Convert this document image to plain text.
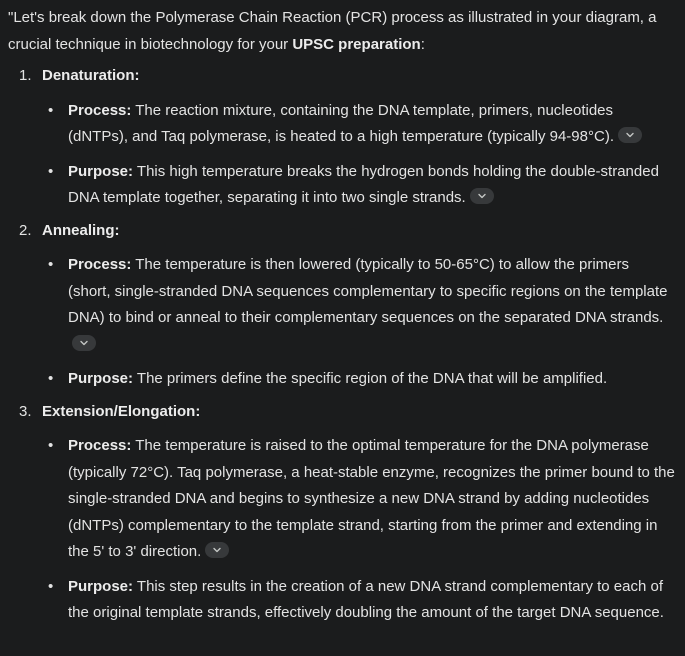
"Let's break down the Polymerase Chain Reaction (PCR) process as illustrated in your diagram, a crucial technique in biotechnology for your UPSC preparation:

1. Denaturation:
• Process: The reaction mixture, containing the DNA template, primers, nucleotides (dNTPs), and Taq polymerase, is heated to a high temperature (typically 94-98°C).
• Purpose: This high temperature breaks the hydrogen bonds holding the double-stranded DNA template together, separating it into two single strands.
2. Annealing:
• Process: The temperature is then lowered (typically to 50-65°C) to allow the primers (short, single-stranded DNA sequences complementary to specific regions on the template DNA) to bind or anneal to their complementary sequences on the separated DNA strands.
• Purpose: The primers define the specific region of the DNA that will be amplified.
3. Extension/Elongation:
• Process: The temperature is raised to the optimal temperature for the DNA polymerase (typically 72°C). Taq polymerase, a heat-stable enzyme, recognizes the primer bound to the single-stranded DNA and begins to synthesize a new DNA strand by adding nucleotides (dNTPs) complementary to the template strand, starting from the primer and extending in the 5' to 3' direction.
• Purpose: This step results in the creation of a new DNA strand complementary to each of the original template strands, effectively doubling the amount of the target DNA sequence.
